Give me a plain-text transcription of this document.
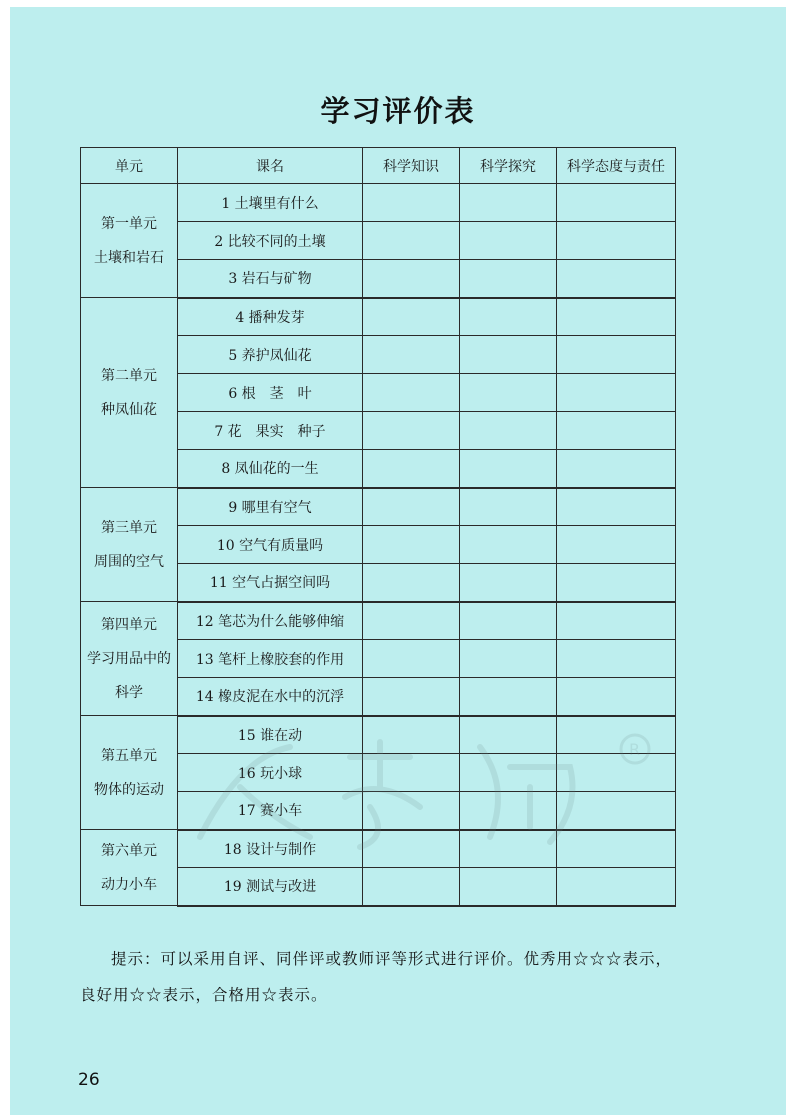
学习评价表
单元	课名	科学知识	科学探究	科学态度与责任

第一单元
土壤和岩石	1 土壤里有什么			
	2 比较不同的土壤			
	3 岩石与矿物			

第二单元
种凤仙花	4 播种发芽			
	5 养护凤仙花			
	6 根　茎　叶			
	7 花　果实　种子			
	8 凤仙花的一生			

第三单元
周围的空气	9 哪里有空气			
	10 空气有质量吗			
	11 空气占据空间吗			

第四单元
学习用品中的
科学	12 笔芯为什么能够伸缩			
	13 笔杆上橡胶套的作用			
	14 橡皮泥在水中的沉浮			

第五单元
物体的运动	15 谁在动			
	16 玩小球			
	17 赛小车			

第六单元
动力小车	18 设计与制作			
	19 测试与改进			
R
提示：可以采用自评、同伴评或教师评等形式进行评价。优秀用☆☆☆表示，良好用☆☆表示，合格用☆表示。
26
